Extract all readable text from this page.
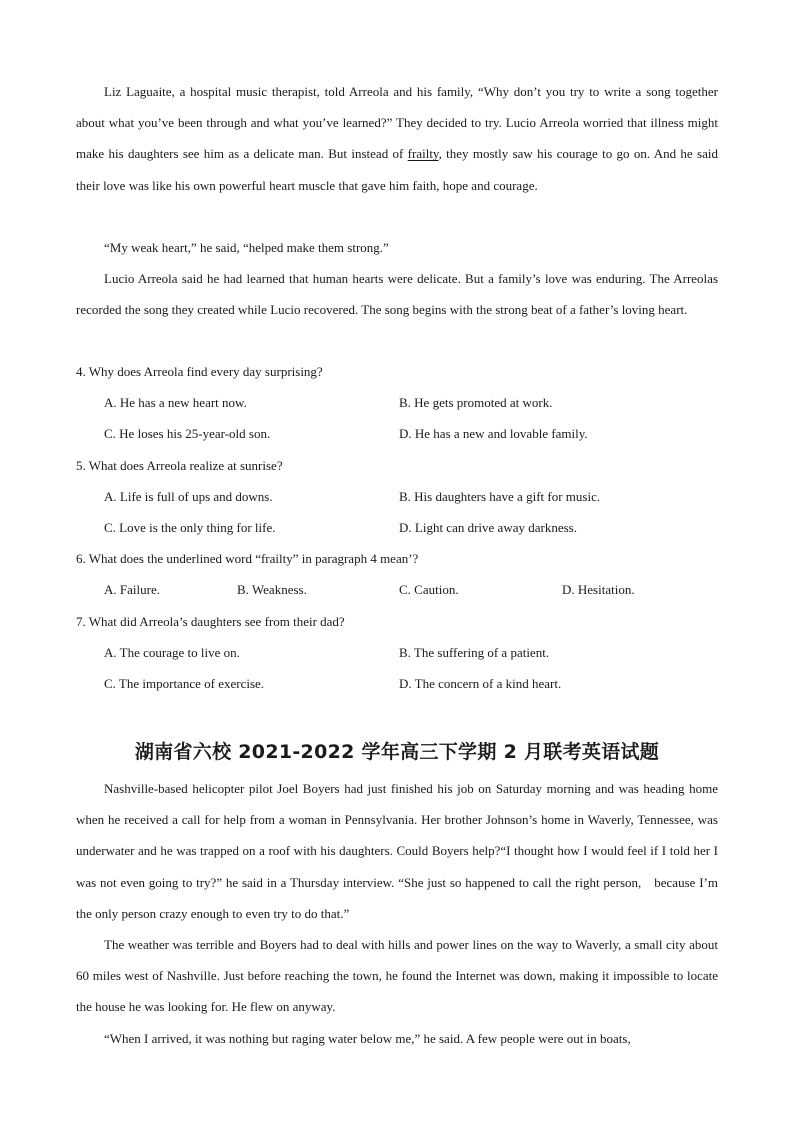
Liz Laguaite, a hospital music therapist, told Arreola and his family, “Why don’t you try to write a song together about what you’ve been through and what you’ve learned?” They decided to try. Lucio Arreola worried that illness might make his daughters see him as a delicate man. But instead of frailty, they mostly saw his courage to go on. And he said their love was like his own powerful heart muscle that gave him faith, hope and courage.
“My weak heart,” he said, “helped make them strong.”
Lucio Arreola said he had learned that human hearts were delicate. But a family’s love was enduring. The Arreolas recorded the song they created while Lucio recovered. The song begins with the strong beat of a father’s loving heart.
4. Why does Arreola find every day surprising?
A. He has a new heart now.	B. He gets promoted at work.
C. He loses his 25-year-old son.	D. He has a new and lovable family.
5. What does Arreola realize at sunrise?
A. Life is full of ups and downs.	B. His daughters have a gift for music.
C. Love is the only thing for life.	D. Light can drive away darkness.
6. What does the underlined word “frailty” in paragraph 4 mean’?
A. Failure.	B. Weakness.	C. Caution.	D. Hesitation.
7. What did Arreola’s daughters see from their dad?
A. The courage to live on.	B. The suffering of a patient.
C. The importance of exercise.	D. The concern of a kind heart.
湖南省六校 2021-2022 学年高三下学期 2 月联考英语试题
Nashville-based helicopter pilot Joel Boyers had just finished his job on Saturday morning and was heading home when he received a call for help from a woman in Pennsylvania. Her brother Johnson’s home in Waverly, Tennessee, was underwater and he was trapped on a roof with his daughters. Could Boyers help?“I thought how I would feel if I told her I was not even going to try?” he said in a Thursday interview. “She just so happened to call the right person, because I’m the only person crazy enough to even try to do that.”
The weather was terrible and Boyers had to deal with hills and power lines on the way to Waverly, a small city about 60 miles west of Nashville. Just before reaching the town, he found the Internet was down, making it impossible to locate the house he was looking for. He flew on anyway.
“When I arrived, it was nothing but raging water below me,” he said. A few people were out in boats,
